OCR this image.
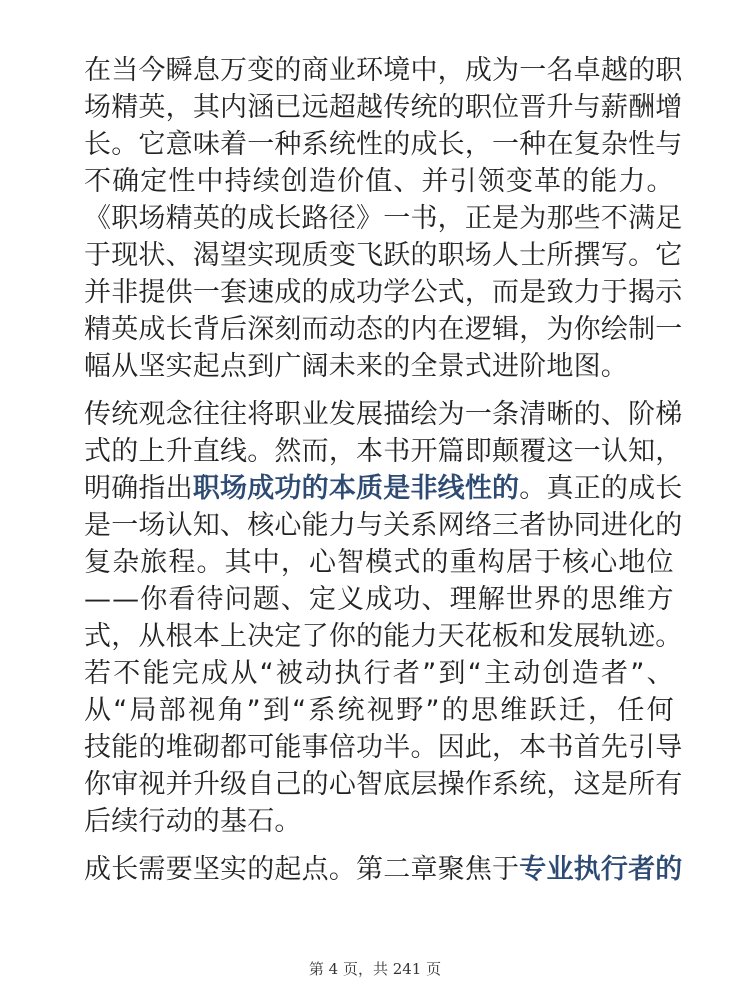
在 当 今 瞬 息 万 变 的 商 业 环 境 中 ， 成 为 一 名 卓 越 的 职
场 精 英 ， 其 内 涵 已 远 超 越 传 统 的 职 位 晋 升 与 薪 酬 增
长 。 它 意 味 着 一 种 系 统 性 的 成 长 ， 一 种 在 复 杂 性 与
不 确 定 性 中 持 续 创 造 价 值 、 并 引 领 变 革 的 能 力 。
《 职 场 精 英 的 成 长 路 径 》 一 书 ， 正 是 为 那 些 不 满 足
于 现 状 、 渴 望 实 现 质 变 飞 跃 的 职 场 人 士 所 撰 写 。 它
并 非 提 供 一 套 速 成 的 成 功 学 公 式 ， 而 是 致 力 于 揭 示
精 英 成 长 背 后 深 刻 而 动 态 的 内 在 逻 辑 ， 为 你 绘 制 一
幅从坚实起点到广阔未来的全景式进阶地图。
传 统 观 念 往 往 将 职 业 发 展 描 绘 为 一 条 清 晰 的 、 阶 梯
式 的 上 升 直 线 。 然 而 ， 本 书 开 篇 即 颠 覆 这 一 认 知 ，
明 确 指 出 职 场 成 功 的 本 质 是 非 线 性 的 。 真 正 的 成 长
是 一 场 认 知 、 核 心 能 力 与 关 系 网 络 三 者 协 同 进 化 的
复 杂 旅 程 。 其 中 ， 心 智 模 式 的 重 构 居 于 核 心 地 位
— — 你 看 待 问 题 、 定 义 成 功 、 理 解 世 界 的 思 维 方
式 ， 从 根 本 上 决 定 了 你 的 能 力 天 花 板 和 发 展 轨 迹 。
若 不 能 完 成 从 “ 被 动 执 行 者 ” 到 “ 主 动 创 造 者 ” 、
从 “ 局 部 视 角 ” 到 “ 系 统 视 野 ” 的 思 维 跃 迁 ， 任 何
技 能 的 堆 砌 都 可 能 事 倍 功 半 。 因 此 ， 本 书 首 先 引 导
你 审 视 并 升 级 自 己 的 心 智 底 层 操 作 系 统 ， 这 是 所 有
后续行动的基石。
成 长 需 要 坚 实 的 起 点 。 第 二 章 聚 焦 于 专 业 执 行 者 的
第 4 页，共 241 页
